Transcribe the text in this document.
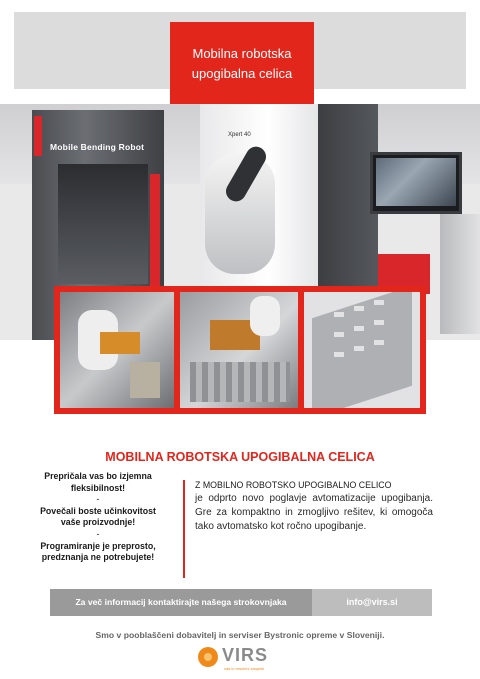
Mobilna robotska
upogibalna celica
Mobile Bending Robot
Xpert 40
MOBILNA ROBOTSKA UPOGIBALNA CELICA
Prepričala vas bo izjemna
fleksibilnost!
-
Povečali boste učinkovitost
vaše proizvodnje!
-
Programiranje je preprosto,
predznanja ne potrebujete!
Z MOBILNO ROBOTSKO UPOGIBALNO CELICO
je odprto novo poglavje avtomatizacije upogibanja. Gre za kompaktno in zmogljivo rešitev, ki omogoča tako avtomatsko kot ročno upogibanje.
Za več informacij kontaktirajte našega strokovnjaka	info@virs.si
Smo v pooblaščeni dobavitelj in serviser Bystronic opreme v Sloveniji.
VIRS
vaš in resnični zaupnik
